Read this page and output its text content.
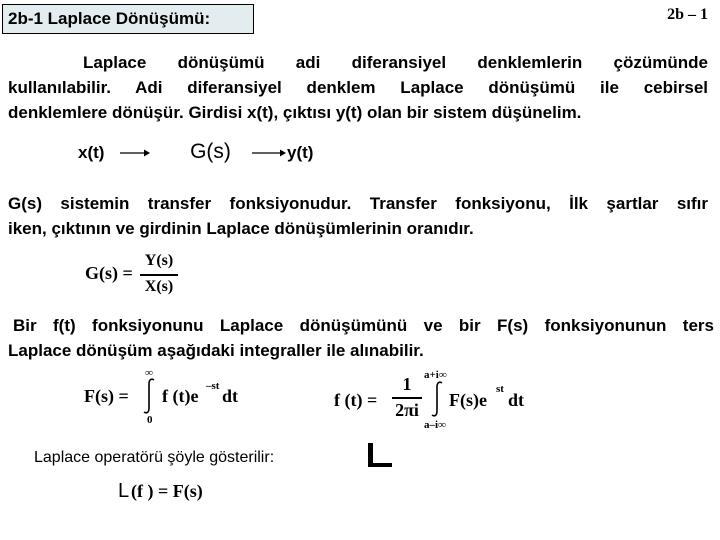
2b-1 Laplace Dönüşümü:	2b – 1
Laplace dönüşümü adi diferansiyel denklemlerin çözümünde
kullanılabilir. Adi diferansiyel denklem Laplace dönüşümü ile cebirsel
denklemlere dönüşür. Girdisi x(t), çıktısı y(t) olan bir sistem düşünelim.
x(t)	G(s)	y(t)
G(s) sistemin transfer fonksiyonudur. Transfer fonksiyonu, İlk şartlar sıfır
iken, çıktının ve girdinin Laplace dönüşümlerinin oranıdır.
G(s) =
Y(s)
X(s)
Bir f(t) fonksiyonunu Laplace dönüşümünü ve bir F(s) fonksiyonunun ters
Laplace dönüşüm aşağıdaki integraller ile alınabilir.
F(s) =
∞
0
f (t)e –st dt	f (t) =
1
2πi
a+i∞
a–i∞
F(s)e
st
dt
Laplace operatörü şöyle gösterilir:
L (f ) = F(s)
